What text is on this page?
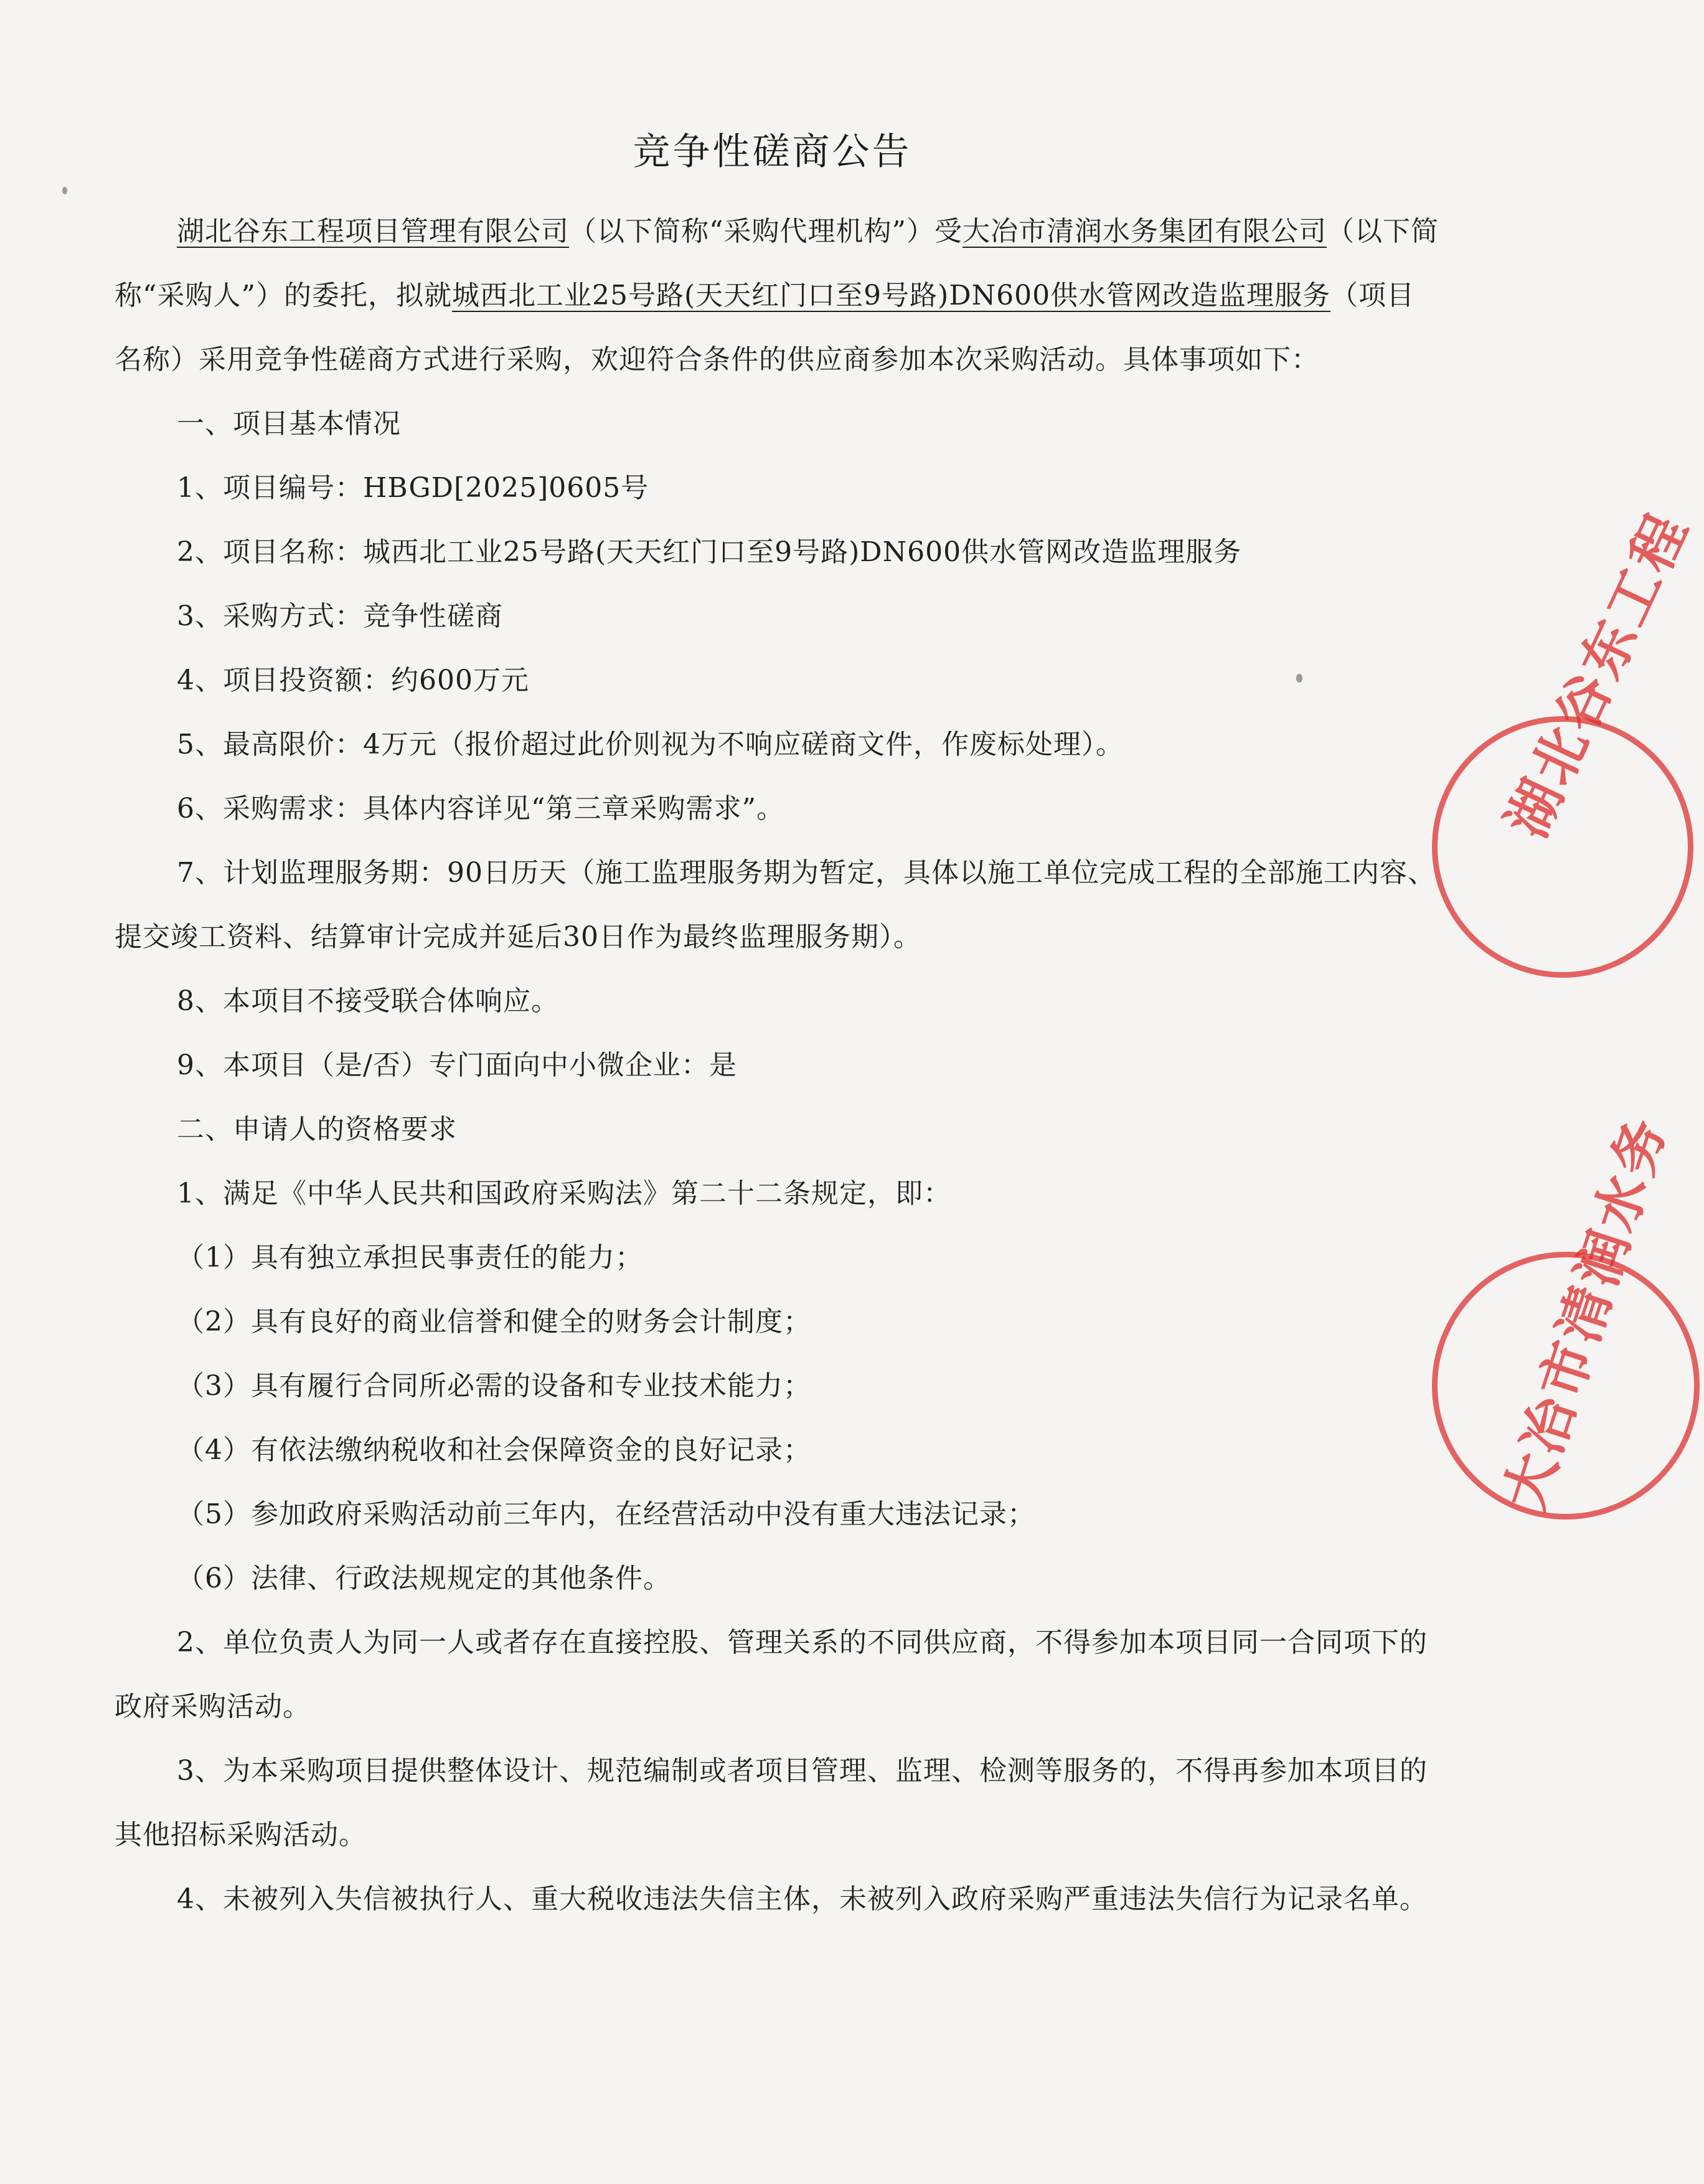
竞争性磋商公告

湖北谷东工程项目管理有限公司（以下简称“采购代理机构”）受大冶市清润水务集团有限公司（以下简称“采购人”）的委托，拟就城西北工业25号路(天天红门口至9号路)DN600供水管网改造监理服务（项目名称）采用竞争性磋商方式进行采购，欢迎符合条件的供应商参加本次采购活动。具体事项如下：

一、项目基本情况

1、项目编号：HBGD[2025]0605号

2、项目名称：城西北工业25号路(天天红门口至9号路)DN600供水管网改造监理服务

3、采购方式：竞争性磋商

4、项目投资额：约600万元

5、最高限价：4万元（报价超过此价则视为不响应磋商文件，作废标处理）。

6、采购需求：具体内容详见“第三章采购需求”。

7、计划监理服务期：90日历天（施工监理服务期为暂定，具体以施工单位完成工程的全部施工内容、提交竣工资料、结算审计完成并延后30日作为最终监理服务期）。

8、本项目不接受联合体响应。

9、本项目（是/否）专门面向中小微企业：是

二、申请人的资格要求

1、满足《中华人民共和国政府采购法》第二十二条规定，即：

（1）具有独立承担民事责任的能力；

（2）具有良好的商业信誉和健全的财务会计制度；

（3）具有履行合同所必需的设备和专业技术能力；

（4）有依法缴纳税收和社会保障资金的良好记录；

（5）参加政府采购活动前三年内，在经营活动中没有重大违法记录；

（6）法律、行政法规规定的其他条件。

2、单位负责人为同一人或者存在直接控股、管理关系的不同供应商，不得参加本项目同一合同项下的政府采购活动。

3、为本采购项目提供整体设计、规范编制或者项目管理、监理、检测等服务的，不得再参加本项目的其他招标采购活动。

4、未被列入失信被执行人、重大税收违法失信主体，未被列入政府采购严重违法失信行为记录名单。

湖北谷东工程
大冶市清润水务
